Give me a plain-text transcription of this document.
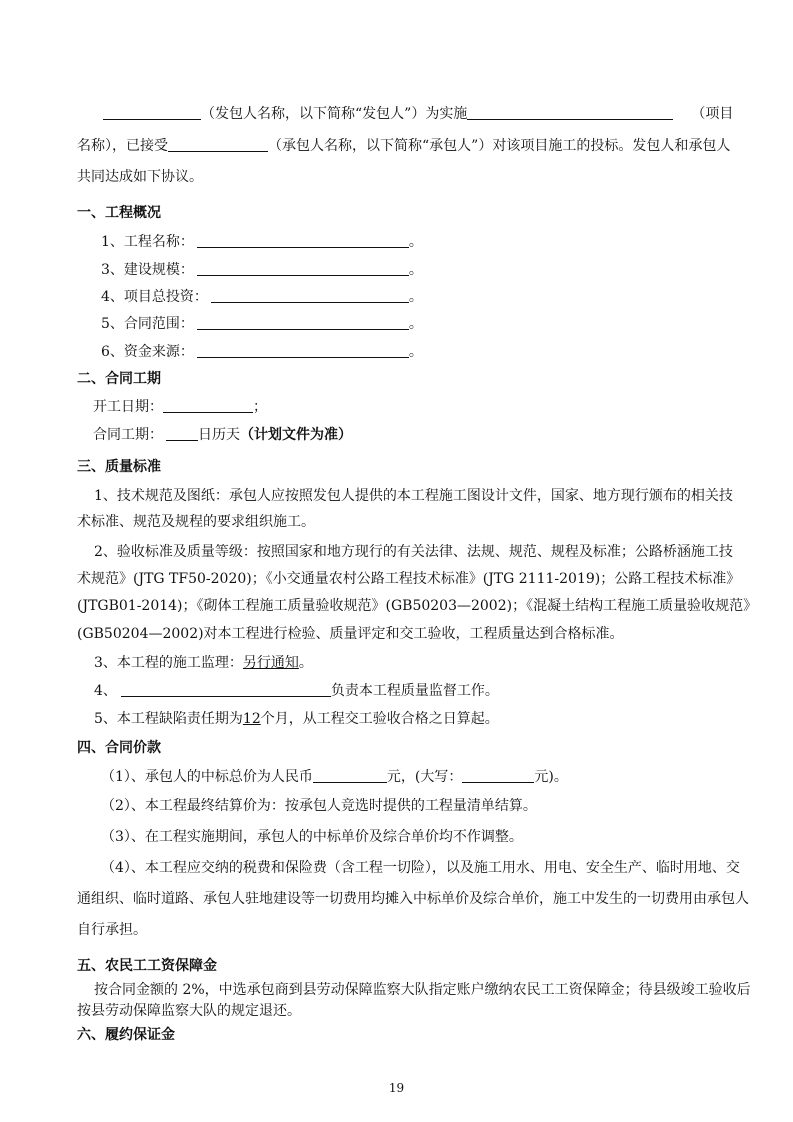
（发包人名称，以下简称“发包人”）为实施	（项目
名称），已接受	（承包人名称，以下简称“承包人”）对该项目施工的投标。发包人和承包人
共同达成如下协议。
一、工程概况
1、工程名称：	。
3、建设规模：	。
4、项目总投资：	。
5、合同范围：	。
6、资金来源：	。
二、合同工期
开工日期：	；
合同工期：	日历天（计划文件为准）
三、质量标准
1、技术规范及图纸：承包人应按照发包人提供的本工程施工图设计文件，国家、地方现行颁布的相关技
术标准、规范及规程的要求组织施工。
2、验收标准及质量等级：按照国家和地方现行的有关法律、法规、规范、规程及标准；公路桥涵施工技
术规范》(JTG TF50-2020)；《小交通量农村公路工程技术标准》(JTG 2111-2019)；公路工程技术标准》
(JTGB01-2014)；《砌体工程施工质量验收规范》(GB50203—2002)；《混凝土结构工程施工质量验收规范》
(GB50204—2002)对本工程进行检验、质量评定和交工验收，工程质量达到合格标准。
3、本工程的施工监理：另行通知。
4、	负责本工程质量监督工作。
5、本工程缺陷责任期为12个月，从工程交工验收合格之日算起。
四、合同价款
（1）、承包人的中标总价为人民币	元，(大写：	元)。
（2）、本工程最终结算价为：按承包人竞选时提供的工程量清单结算。
（3）、在工程实施期间，承包人的中标单价及综合单价均不作调整。
（4）、本工程应交纳的税费和保险费（含工程一切险），以及施工用水、用电、安全生产、临时用地、交
通组织、临时道路、承包人驻地建设等一切费用均摊入中标单价及综合单价，施工中发生的一切费用由承包人
自行承担。
五、农民工工资保障金
按合同金额的 2%，中选承包商到县劳动保障监察大队指定账户缴纳农民工工资保障金；待县级竣工验收后
按县劳动保障监察大队的规定退还。
六、履约保证金
19
